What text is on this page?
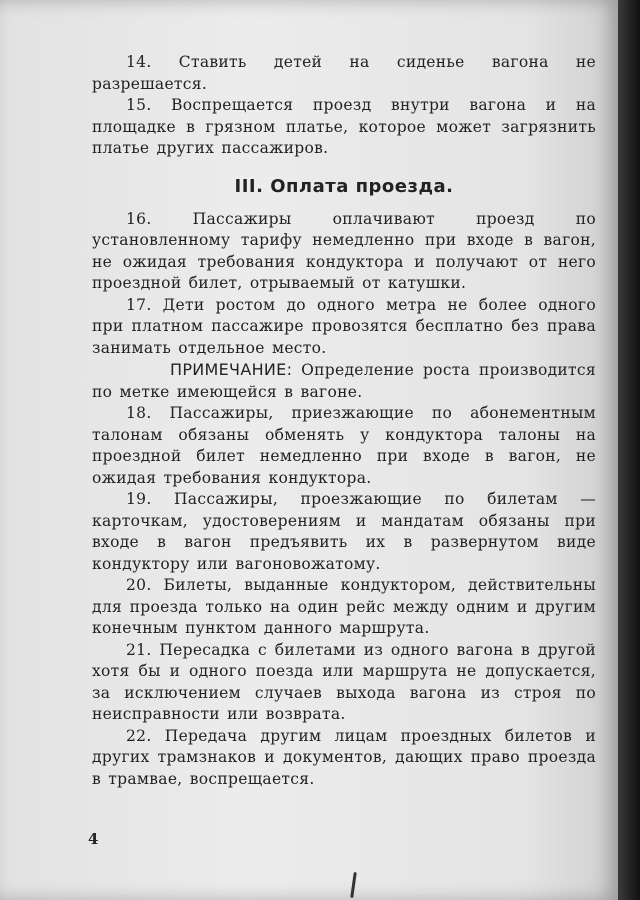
14. Ставить детей на сиденье вагона не разрешается.

15. Воспрещается проезд внутри вагона и на площадке в грязном платье, которое может загрязнить платье других пассажиров.

III. Оплата проезда.

16. Пассажиры оплачивают проезд по установленному тарифу немедленно при входе в вагон, не ожидая требования кондуктора и получают от него проездной билет, отрываемый от катушки.

17. Дети ростом до одного метра не более одного при платном пассажире провозятся бесплатно без права занимать отдельное место.

ПРИМЕЧАНИЕ: Определение роста производится по метке имеющейся в вагоне.

18. Пассажиры, приезжающие по абонементным талонам обязаны обменять у кондуктора талоны на проездной билет немедленно при входе в вагон, не ожидая требования кондуктора.

19. Пассажиры, проезжающие по билетам — карточкам, удостоверениям и мандатам обязаны при входе в вагон предъявить их в развернутом виде кондуктору или вагоновожатому.

20. Билеты, выданные кондуктором, действительны для проезда только на один рейс между одним и другим конечным пунктом данного маршрута.

21. Пересадка с билетами из одного вагона в другой хотя бы и одного поезда или маршрута не допускается, за исключением случаев выхода вагона из строя по неисправности или возврата.

22. Передача другим лицам проездных билетов и других трамзнаков и документов, дающих право проезда в трамвае, воспрещается.

4
